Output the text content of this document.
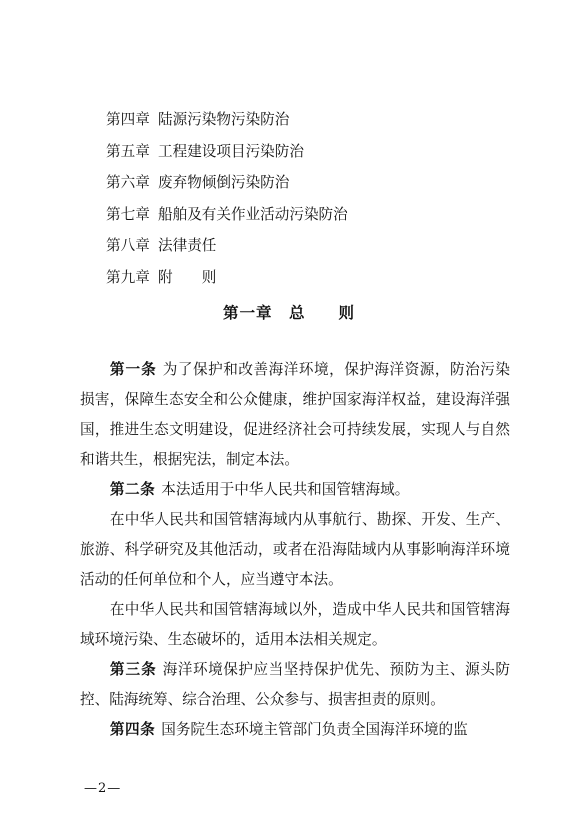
第四章 陆源污染物污染防治
第五章 工程建设项目污染防治
第六章 废弃物倾倒污染防治
第七章 船舶及有关作业活动污染防治
第八章 法律责任
第九章 附　　则
第一章　总　　则

第一条 为了保护和改善海洋环境，保护海洋资源，防治污染损害，保障生态安全和公众健康，维护国家海洋权益，建设海洋强国，推进生态文明建设，促进经济社会可持续发展，实现人与自然和谐共生，根据宪法，制定本法。

第二条 本法适用于中华人民共和国管辖海域。

在中华人民共和国管辖海域内从事航行、勘探、开发、生产、旅游、科学研究及其他活动，或者在沿海陆域内从事影响海洋环境活动的任何单位和个人，应当遵守本法。

在中华人民共和国管辖海域以外，造成中华人民共和国管辖海域环境污染、生态破坏的，适用本法相关规定。

第三条 海洋环境保护应当坚持保护优先、预防为主、源头防控、陆海统筹、综合治理、公众参与、损害担责的原则。

第四条 国务院生态环境主管部门负责全国海洋环境的监

—2—
